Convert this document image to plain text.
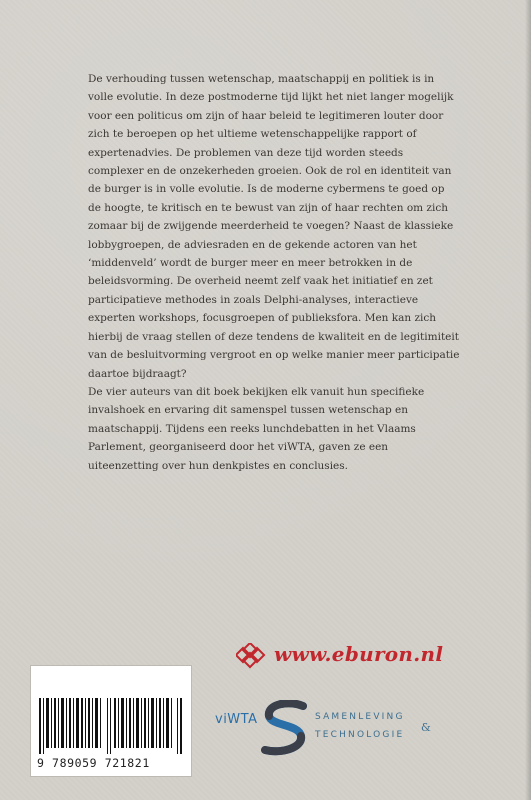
De verhouding tussen wetenschap, maatschappij en politiek is in volle evolutie. In deze postmoderne tijd lijkt het niet langer mogelijk voor een politicus om zijn of haar beleid te legitimeren louter door zich te beroepen op het ultieme wetenschappelijke rapport of expertenadvies. De problemen van deze tijd worden steeds complexer en de onzekerheden groeien. Ook de rol en identiteit van de burger is in volle evolutie. Is de moderne cybermens te goed op de hoogte, te kritisch en te bewust van zijn of haar rechten om zich zomaar bij de zwijgende meerderheid te voegen? Naast de klassieke lobbygroepen, de adviesraden en de gekende actoren van het ‘middenveld’ wordt de burger meer en meer betrokken in de beleidsvorming. De overheid neemt zelf vaak het initiatief en zet participatieve methodes in zoals Delphi-analyses, interactieve experten workshops, focusgroepen of publieksfora. Men kan zich hierbij de vraag stellen of deze tendens de kwaliteit en de legitimiteit van de besluitvorming vergroot en op welke manier meer participatie daartoe bijdraagt?

De vier auteurs van dit boek bekijken elk vanuit hun specifieke invalshoek en ervaring dit samenspel tussen wetenschap en maatschappij. Tijdens een reeks lunchdebatten in het Vlaams Parlement, georganiseerd door het viWTA, gaven ze een uiteenzetting over hun denkpistes en conclusies.

9 789059 721821
www.eburon.nl
viWTA	SAMENLEVING
&
TECHNOLOGIE
